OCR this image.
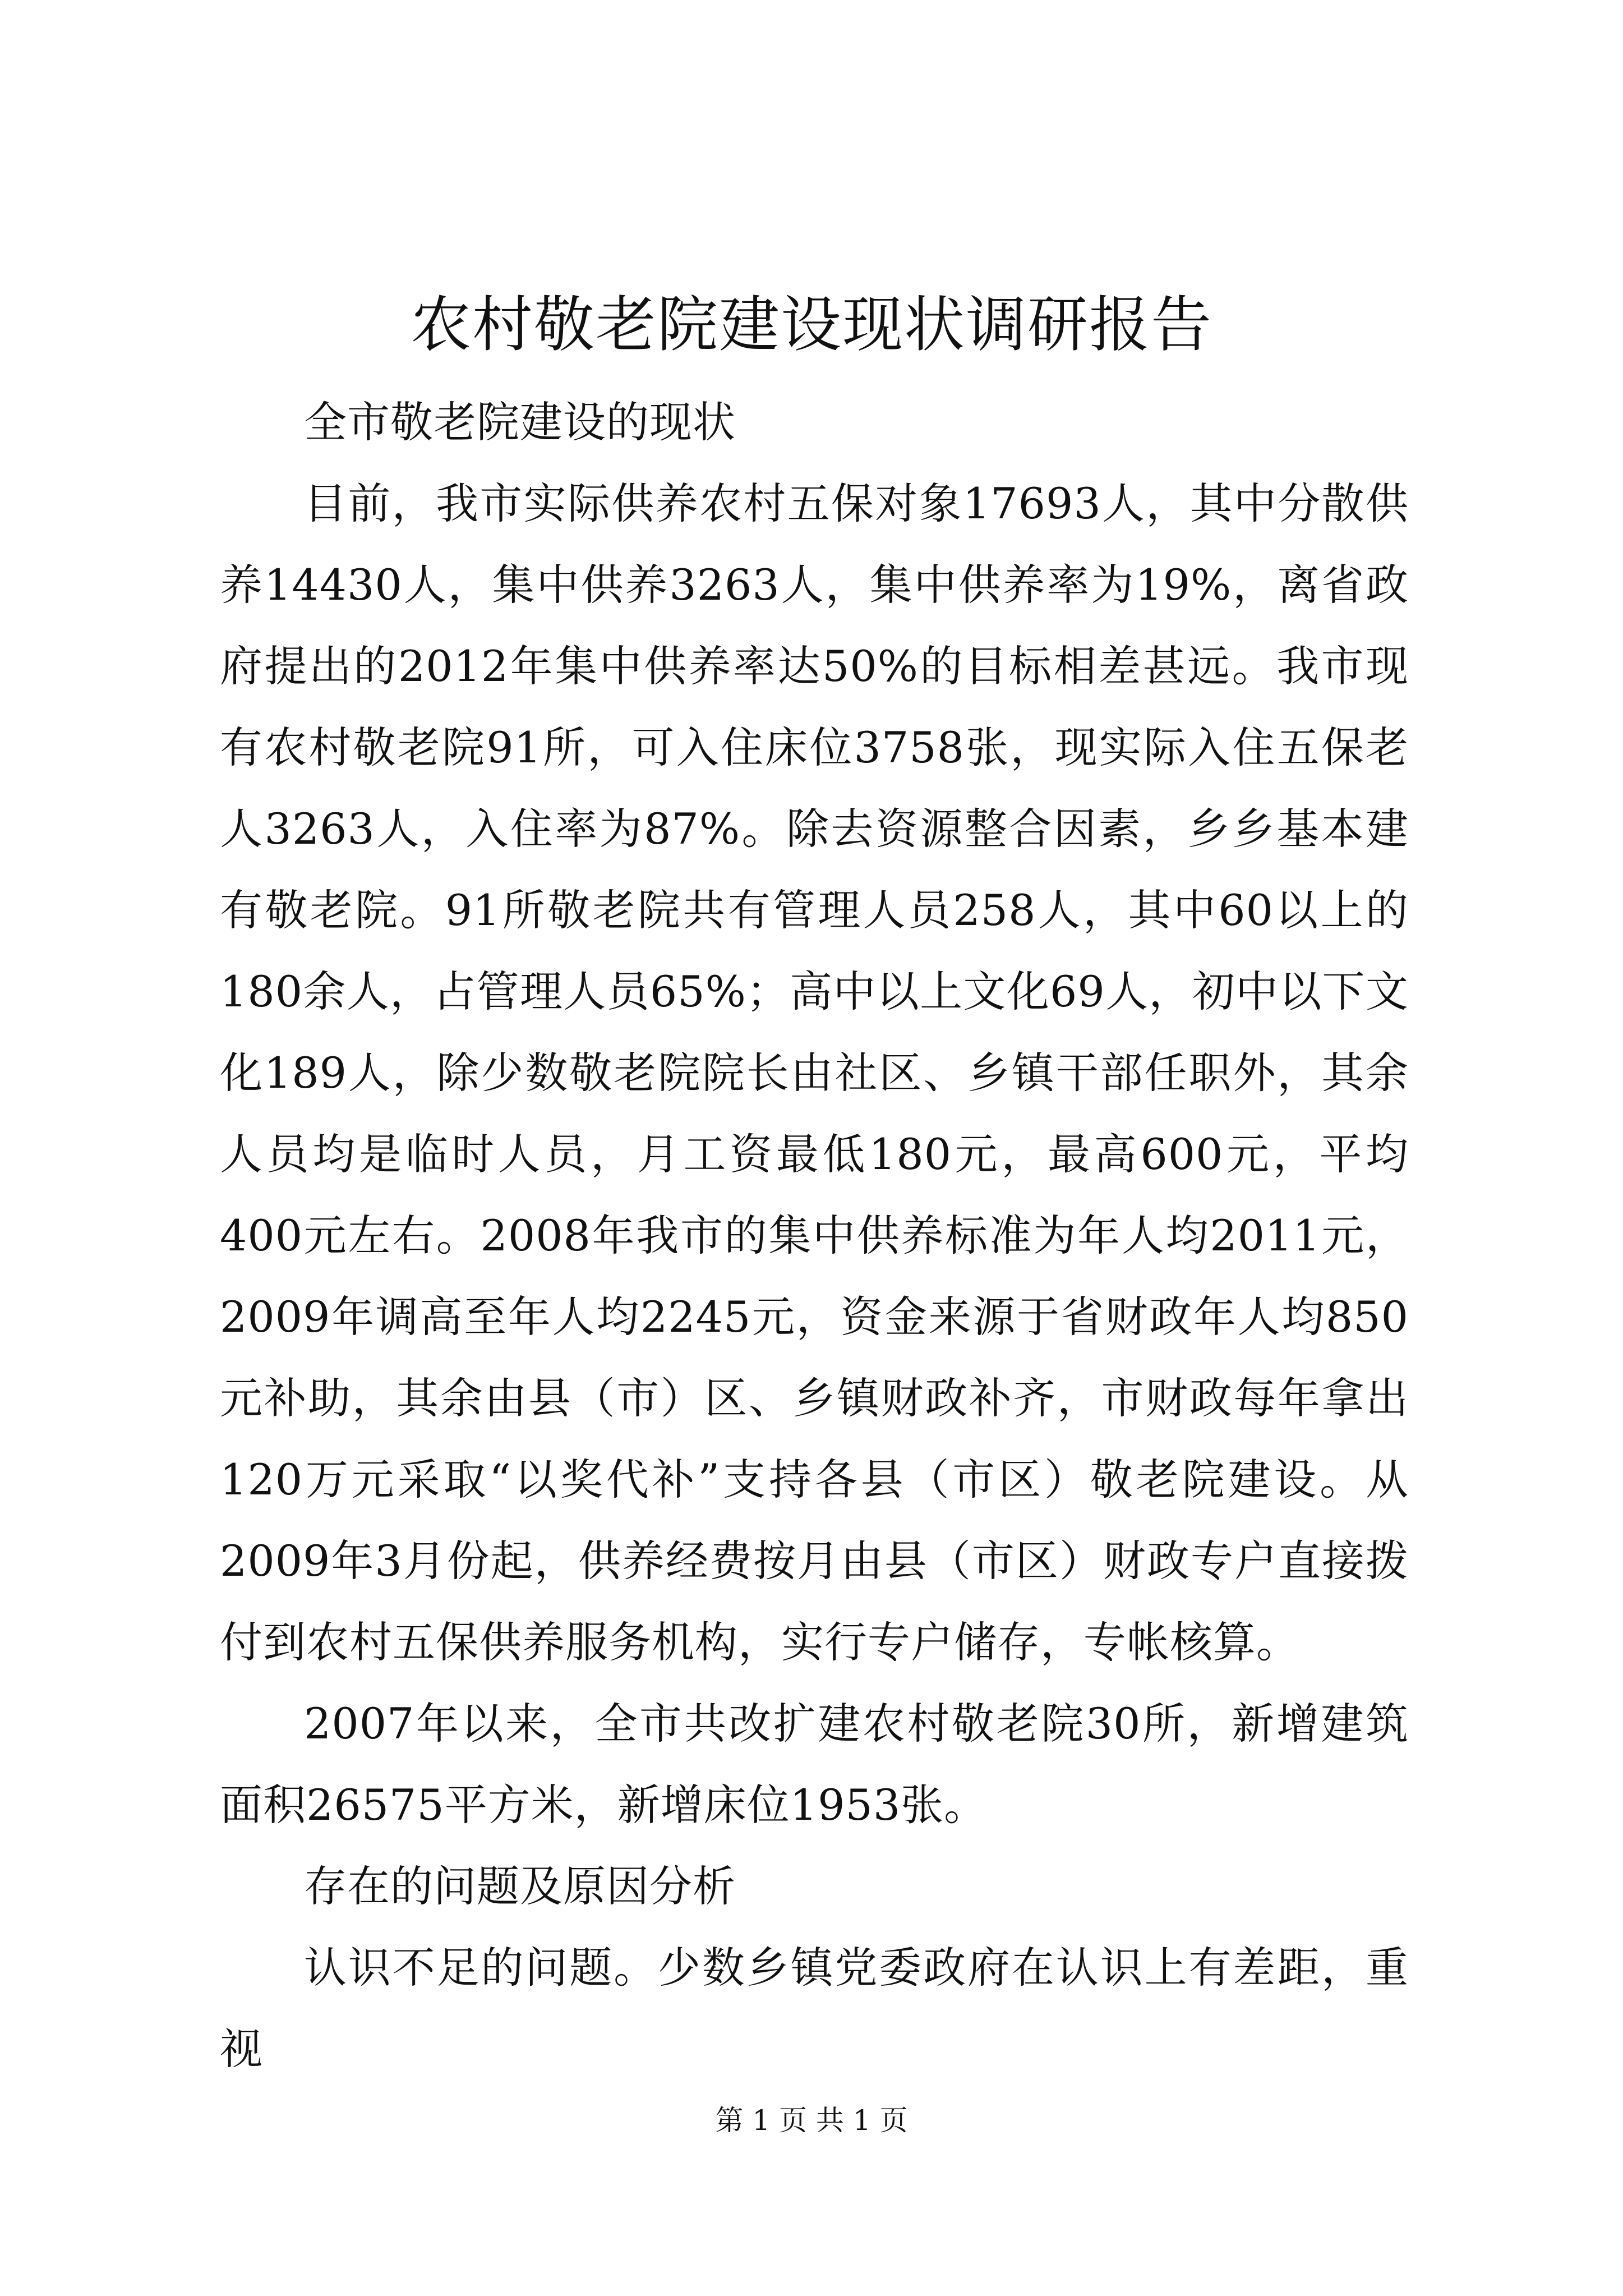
农村敬老院建设现状调研报告

全市敬老院建设的现状

目前，我市实际供养农村五保对象17693人，其中分散供养14430人，集中供养3263人，集中供养率为19%，离省政府提出的2012年集中供养率达50%的目标相差甚远。我市现有农村敬老院91所，可入住床位3758张，现实际入住五保老人3263人，入住率为87%。除去资源整合因素，乡乡基本建有敬老院。91所敬老院共有管理人员258人，其中60以上的180余人，占管理人员65%；高中以上文化69人，初中以下文化189人，除少数敬老院院长由社区、乡镇干部任职外，其余人员均是临时人员，月工资最低180元，最高600元，平均400元左右。2008年我市的集中供养标准为年人均2011元，2009年调高至年人均2245元，资金来源于省财政年人均850元补助，其余由县（市）区、乡镇财政补齐，市财政每年拿出120万元采取“以奖代补”支持各县（市区）敬老院建设。从2009年3月份起，供养经费按月由县（市区）财政专户直接拨付到农村五保供养服务机构，实行专户储存，专帐核算。

2007年以来，全市共改扩建农村敬老院30所，新增建筑面积26575平方米，新增床位1953张。

存在的问题及原因分析

认识不足的问题。少数乡镇党委政府在认识上有差距，重视

第 1 页 共 1 页
